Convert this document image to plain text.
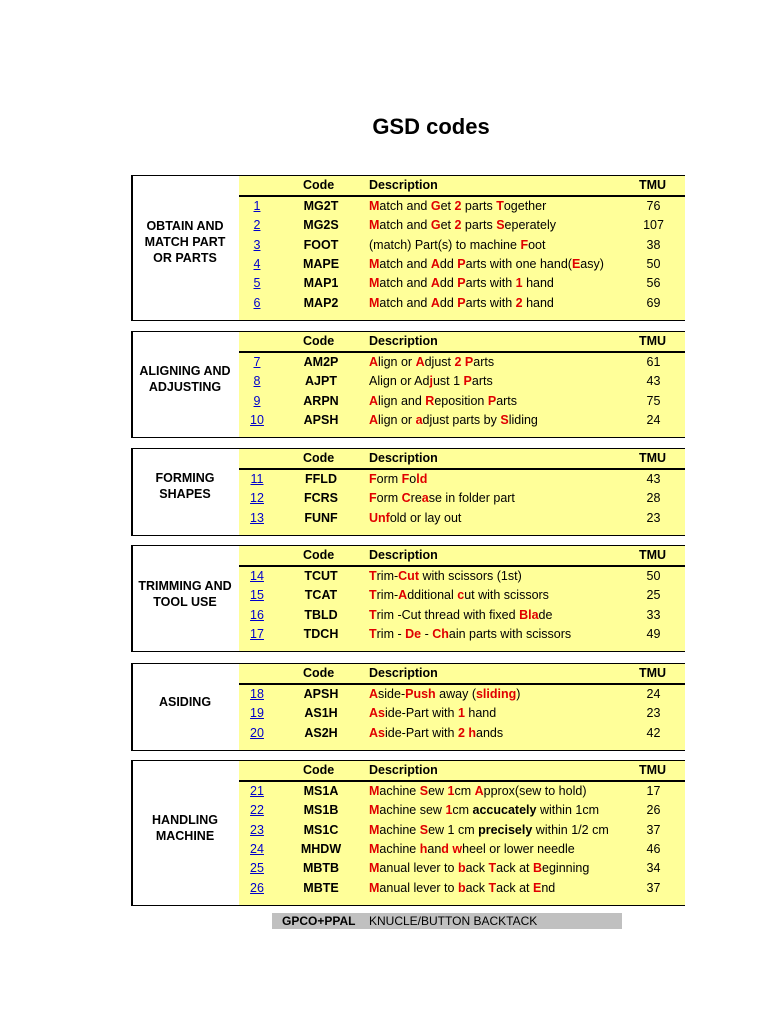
GSD codes
OBTAIN AND
MATCH PART
OR PARTS
Code	Description	TMU
1	MG2T	Match and Get 2 parts Together	76
2	MG2S	Match and Get 2 parts Seperately	107
3	FOOT	(match) Part(s) to machine Foot	38
4	MAPE	Match and Add Parts with one hand(Easy)	50
5	MAP1	Match and Add Parts with 1 hand	56
6	MAP2	Match and Add Parts with 2 hand	69
ALIGNING AND
ADJUSTING
Code	Description	TMU
7	AM2P	Align or Adjust 2 Parts	61
8	AJPT	Align or Adjust 1 Parts	43
9	ARPN	Align and Reposition Parts	75
10	APSH	Align or adjust parts by Sliding	24
FORMING
SHAPES
Code	Description	TMU
11	FFLD	Form Fold	43
12	FCRS	Form Crease in folder part	28
13	FUNF	Unfold or lay out	23
TRIMMING AND
TOOL USE
Code	Description	TMU
14	TCUT	Trim-Cut with scissors (1st)	50
15	TCAT	Trim-Additional cut with scissors	25
16	TBLD	Trim -Cut thread with fixed Blade	33
17	TDCH	Trim - De - Chain parts with scissors	49
ASIDING
Code	Description	TMU
18	APSH	Aside-Push away (sliding)	24
19	AS1H	Aside-Part with 1 hand	23
20	AS2H	Aside-Part with 2 hands	42
HANDLING
MACHINE
Code	Description	TMU
21	MS1A	Machine Sew 1cm Approx(sew to hold)	17
22	MS1B	Machine sew 1cm accucately within 1cm	26
23	MS1C	Machine Sew 1 cm precisely within 1/2 cm	37
24	MHDW	Machine hand wheel or lower needle	46
25	MBTB	Manual lever to back Tack at Beginning	34
26	MBTE	Manual lever to back Tack at End	37
GPCO+PPAL KNUCLE/BUTTON BACKTACK
